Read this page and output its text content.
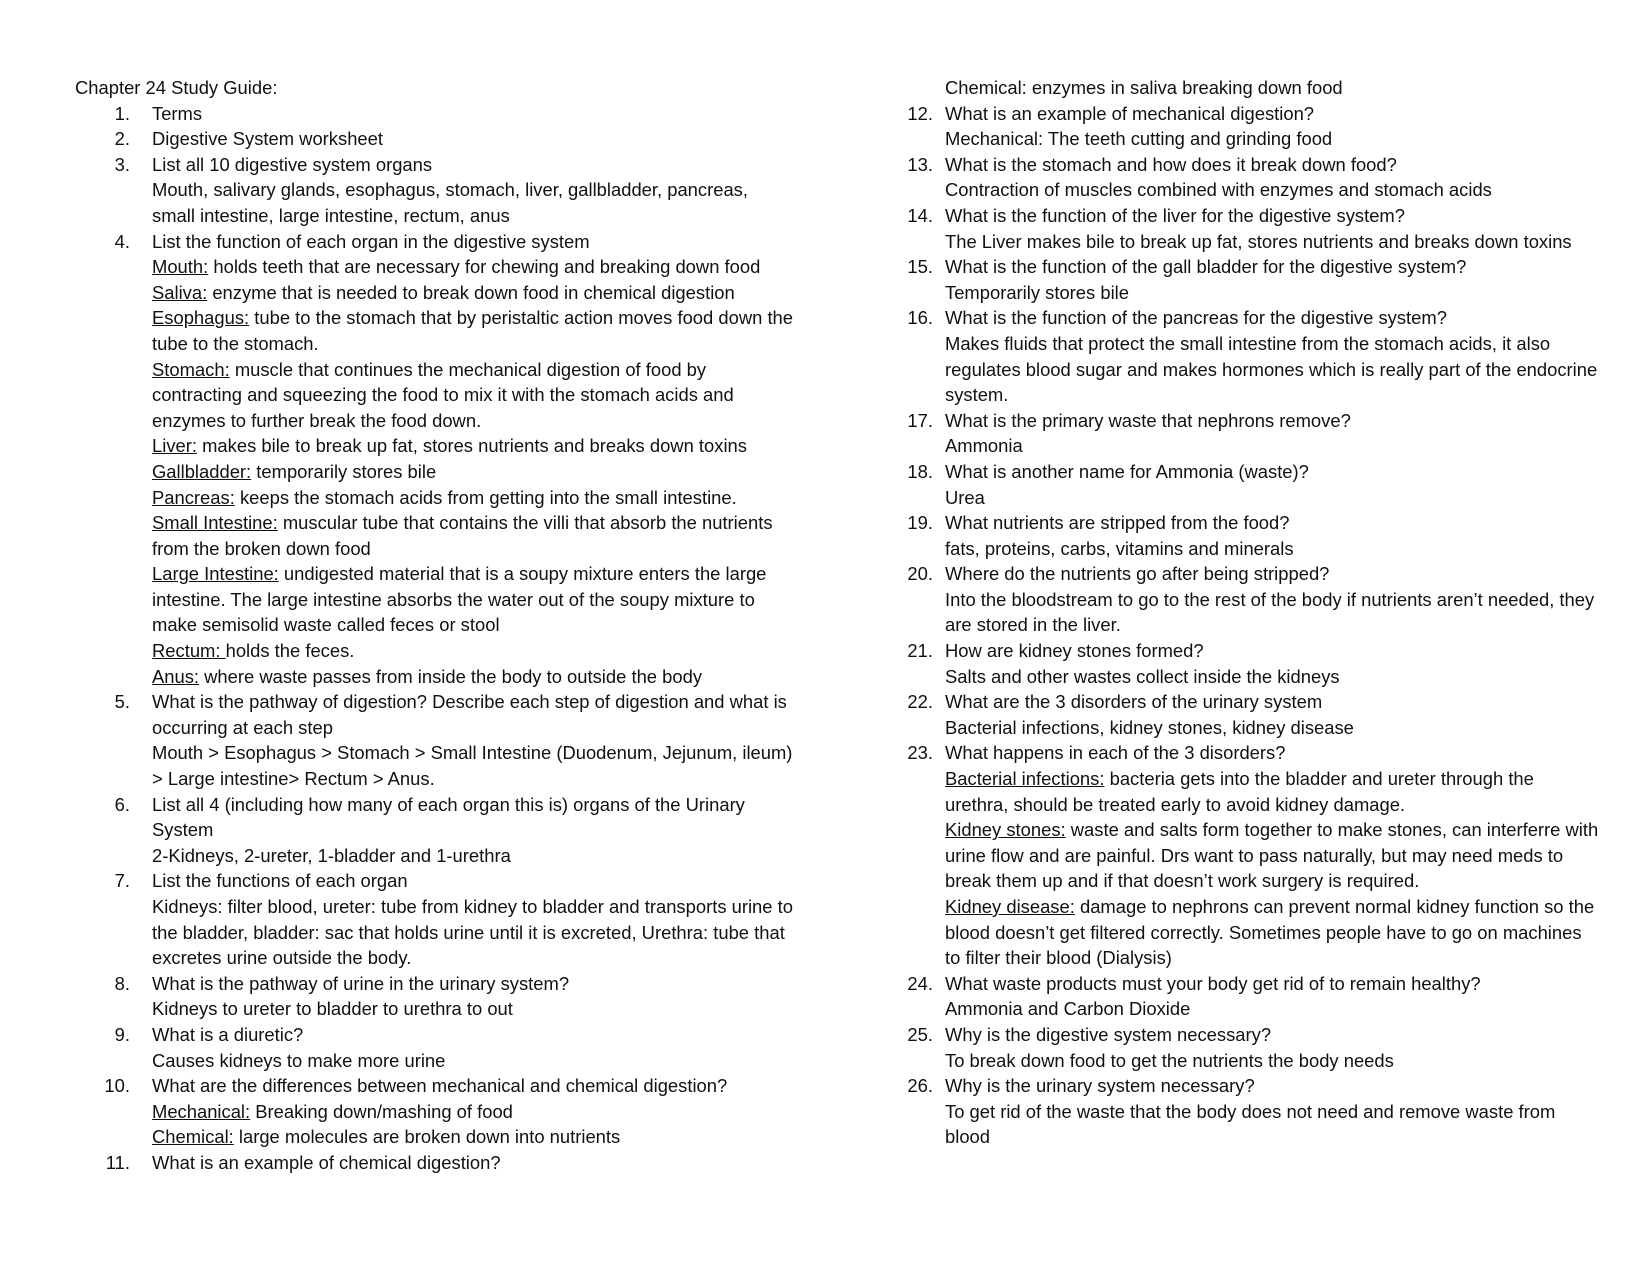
Chapter 24 Study Guide:
1. Terms
2. Digestive System worksheet
3. List all 10 digestive system organs
Mouth, salivary glands, esophagus, stomach, liver, gallbladder, pancreas, small intestine, large intestine, rectum, anus
4. List the function of each organ in the digestive system
Mouth: holds teeth that are necessary for chewing and breaking down food
Saliva: enzyme that is needed to break down food in chemical digestion
Esophagus: tube to the stomach that by peristaltic action moves food down the tube to the stomach.
Stomach: muscle that continues the mechanical digestion of food by contracting and squeezing the food to mix it with the stomach acids and enzymes to further break the food down.
Liver: makes bile to break up fat, stores nutrients and breaks down toxins
Gallbladder: temporarily stores bile
Pancreas: keeps the stomach acids from getting into the small intestine.
Small Intestine: muscular tube that contains the villi that absorb the nutrients from the broken down food
Large Intestine: undigested material that is a soupy mixture enters the large intestine. The large intestine absorbs the water out of the soupy mixture to make semisolid waste called feces or stool
Rectum: holds the feces.
Anus: where waste passes from inside the body to outside the body
5. What is the pathway of digestion? Describe each step of digestion and what is occurring at each step
Mouth > Esophagus > Stomach > Small Intestine (Duodenum, Jejunum, ileum) > Large intestine> Rectum > Anus.
6. List all 4 (including how many of each organ this is) organs of the Urinary System
2-Kidneys, 2-ureter, 1-bladder and 1-urethra
7. List the functions of each organ
Kidneys: filter blood, ureter: tube from kidney to bladder and transports urine to the bladder, bladder: sac that holds urine until it is excreted, Urethra: tube that excretes urine outside the body.
8. What is the pathway of urine in the urinary system?
Kidneys to ureter to bladder to urethra to out
9. What is a diuretic?
Causes kidneys to make more urine
10. What are the differences between mechanical and chemical digestion?
Mechanical: Breaking down/mashing of food
Chemical: large molecules are broken down into nutrients
11. What is an example of chemical digestion?
Chemical: enzymes in saliva breaking down food
12. What is an example of mechanical digestion?
Mechanical: The teeth cutting and grinding food
13. What is the stomach and how does it break down food?
Contraction of muscles combined with enzymes and stomach acids
14. What is the function of the liver for the digestive system?
The Liver makes bile to break up fat, stores nutrients and breaks down toxins
15. What is the function of the gall bladder for the digestive system?
Temporarily stores bile
16. What is the function of the pancreas for the digestive system?
Makes fluids that protect the small intestine from the stomach acids, it also regulates blood sugar and makes hormones which is really part of the endocrine system.
17. What is the primary waste that nephrons remove?
Ammonia
18. What is another name for Ammonia (waste)?
Urea
19. What nutrients are stripped from the food?
fats, proteins, carbs, vitamins and minerals
20. Where do the nutrients go after being stripped?
Into the bloodstream to go to the rest of the body if nutrients aren’t needed, they are stored in the liver.
21. How are kidney stones formed?
Salts and other wastes collect inside the kidneys
22. What are the 3 disorders of the urinary system
Bacterial infections, kidney stones, kidney disease
23. What happens in each of the 3 disorders?
Bacterial infections: bacteria gets into the bladder and ureter through the urethra, should be treated early to avoid kidney damage.
Kidney stones: waste and salts form together to make stones, can interferre with urine flow and are painful. Drs want to pass naturally, but may need meds to break them up and if that doesn’t work surgery is required.
Kidney disease: damage to nephrons can prevent normal kidney function so the blood doesn’t get filtered correctly. Sometimes people have to go on machines to filter their blood (Dialysis)
24. What waste products must your body get rid of to remain healthy?
Ammonia and Carbon Dioxide
25. Why is the digestive system necessary?
To break down food to get the nutrients the body needs
26. Why is the urinary system necessary?
To get rid of the waste that the body does not need and remove waste from blood
